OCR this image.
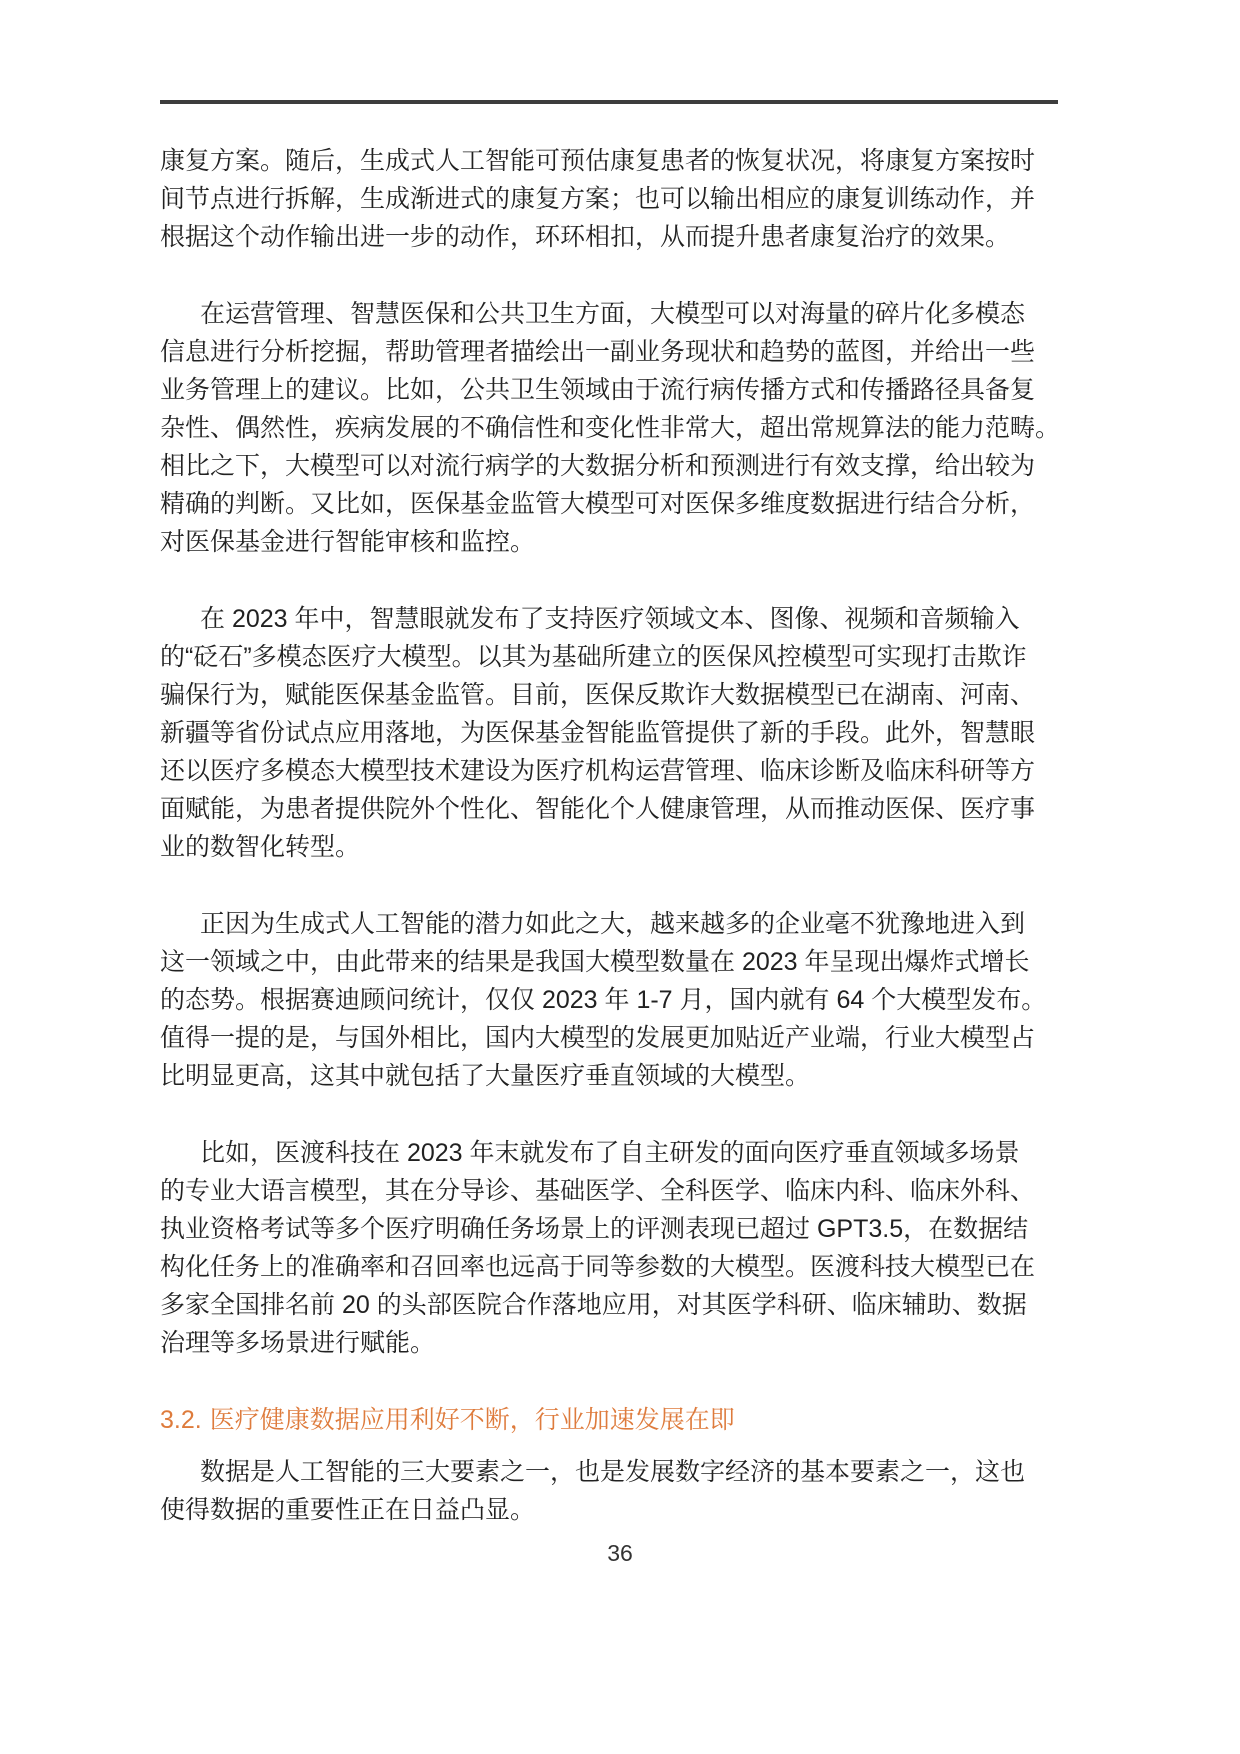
康复方案。随后，生成式人工智能可预估康复患者的恢复状况，将康复方案按时
间节点进行拆解，生成渐进式的康复方案；也可以输出相应的康复训练动作，并
根据这个动作输出进一步的动作，环环相扣，从而提升患者康复治疗的效果。

在运营管理、智慧医保和公共卫生方面，大模型可以对海量的碎片化多模态
信息进行分析挖掘，帮助管理者描绘出一副业务现状和趋势的蓝图，并给出一些
业务管理上的建议。比如，公共卫生领域由于流行病传播方式和传播路径具备复
杂性、偶然性，疾病发展的不确信性和变化性非常大，超出常规算法的能力范畴。
相比之下，大模型可以对流行病学的大数据分析和预测进行有效支撑，给出较为
精确的判断。又比如，医保基金监管大模型可对医保多维度数据进行结合分析，
对医保基金进行智能审核和监控。

在 2023 年中，智慧眼就发布了支持医疗领域文本、图像、视频和音频输入
的“砭石”多模态医疗大模型。以其为基础所建立的医保风控模型可实现打击欺诈
骗保行为，赋能医保基金监管。目前，医保反欺诈大数据模型已在湖南、河南、
新疆等省份试点应用落地，为医保基金智能监管提供了新的手段。此外，智慧眼
还以医疗多模态大模型技术建设为医疗机构运营管理、临床诊断及临床科研等方
面赋能，为患者提供院外个性化、智能化个人健康管理，从而推动医保、医疗事
业的数智化转型。

正因为生成式人工智能的潜力如此之大，越来越多的企业毫不犹豫地进入到
这一领域之中，由此带来的结果是我国大模型数量在 2023 年呈现出爆炸式增长
的态势。根据赛迪顾问统计，仅仅 2023 年 1-7 月，国内就有 64 个大模型发布。
值得一提的是，与国外相比，国内大模型的发展更加贴近产业端，行业大模型占
比明显更高，这其中就包括了大量医疗垂直领域的大模型。

比如，医渡科技在 2023 年末就发布了自主研发的面向医疗垂直领域多场景
的专业大语言模型，其在分导诊、基础医学、全科医学、临床内科、临床外科、
执业资格考试等多个医疗明确任务场景上的评测表现已超过 GPT3.5，在数据结
构化任务上的准确率和召回率也远高于同等参数的大模型。医渡科技大模型已在
多家全国排名前 20 的头部医院合作落地应用，对其医学科研、临床辅助、数据
治理等多场景进行赋能。

3.2. 医疗健康数据应用利好不断，行业加速发展在即

数据是人工智能的三大要素之一，也是发展数字经济的基本要素之一，这也
使得数据的重要性正在日益凸显。

36
